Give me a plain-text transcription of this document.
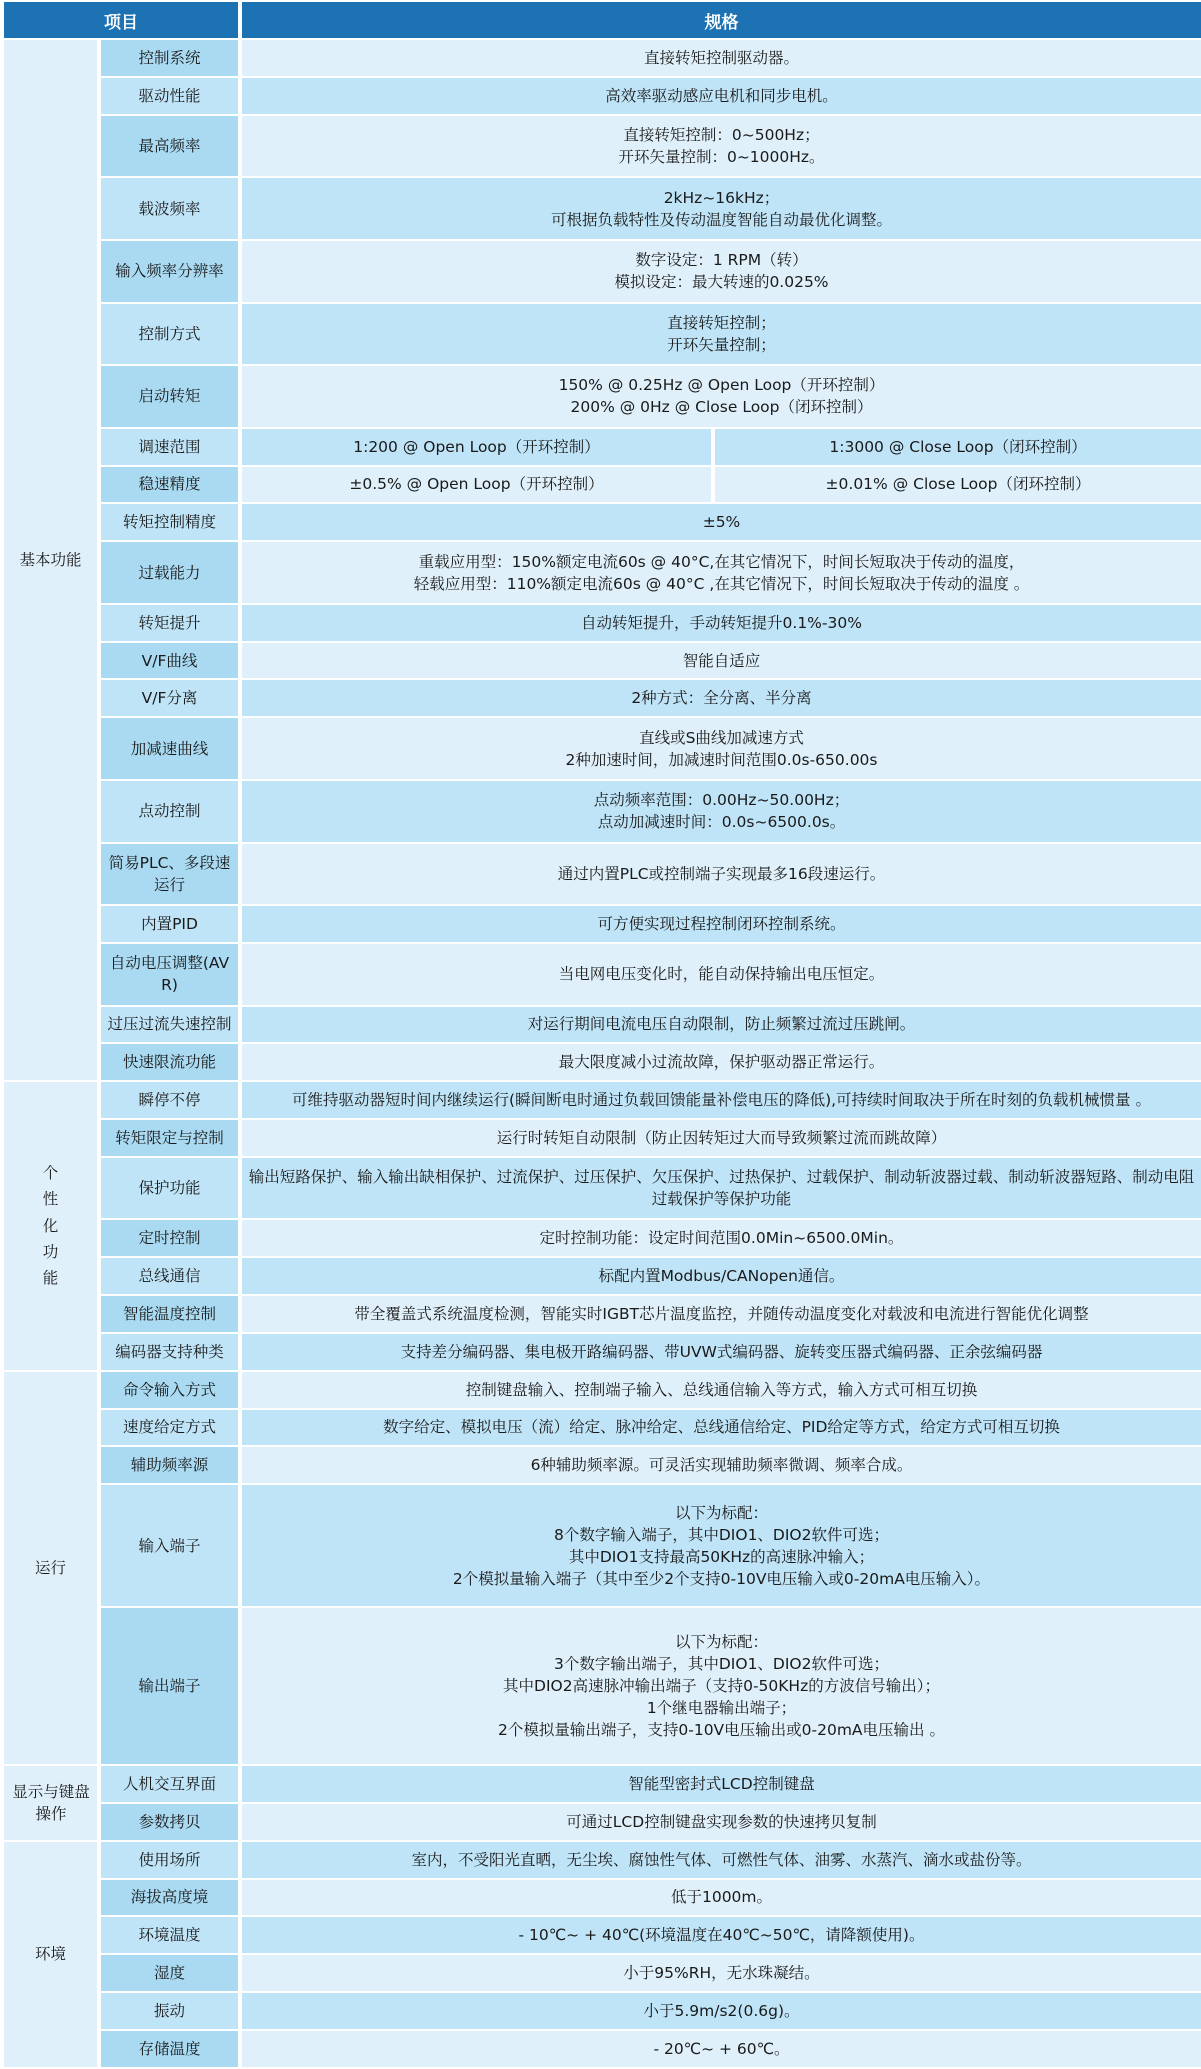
项目		规格	
基本功能	控制系统	直接转矩控制驱动器。	

	驱动性能	高效率驱动感应电机和同步电机。	

	最高频率	直接转矩控制：0~500Hz；
开环矢量控制：0~1000Hz。	

	载波频率	2kHz~16kHz；
可根据负载特性及传动温度智能自动最优化调整。	

	输入频率分辨率	数字设定：1 RPM（转）
模拟设定：最大转速的0.025%	

	控制方式	直接转矩控制；
开环矢量控制；	

	启动转矩	150% @ 0.25Hz @ Open Loop（开环控制）
200% @ 0Hz @ Close Loop（闭环控制）	

	调速范围	1:200 @ Open Loop（开环控制）	1:3000 @ Close Loop（闭环控制）
	稳速精度	±0.5% @ Open Loop（开环控制）	±0.01% @ Close Loop（闭环控制）
	转矩控制精度	±5%	

	过载能力	重载应用型：150%额定电流60s @ 40°C,在其它情况下，时间长短取决于传动的温度，
轻载应用型：110%额定电流60s @ 40°C ,在其它情况下，时间长短取决于传动的温度 。	

	转矩提升	自动转矩提升，手动转矩提升0.1%-30%	

	V/F曲线	智能自适应	

	V/F分离	2种方式：全分离、半分离	

	加减速曲线	直线或S曲线加减速方式
2种加速时间，加减速时间范围0.0s-650.00s	

	点动控制	点动频率范围：0.00Hz~50.00Hz；
点动加减速时间：0.0s~6500.0s。	

	简易PLC、多段速运行	通过内置PLC或控制端子实现最多16段速运行。	

	内置PID	可方便实现过程控制闭环控制系统。	

	自动电压调整(AVR)	当电网电压变化时，能自动保持输出电压恒定。	

	过压过流失速控制	对运行期间电流电压自动限制，防止频繁过流过压跳闸。	

	快速限流功能	最大限度减小过流故障，保护驱动器正常运行。	

个
性
化
功
能	瞬停不停	可维持驱动器短时间内继续运行(瞬间断电时通过负载回馈能量补偿电压的降低),可持续时间取决于所在时刻的负载机械惯量 。	

	转矩限定与控制	运行时转矩自动限制（防止因转矩过大而导致频繁过流而跳故障）	

	保护功能	输出短路保护、输入输出缺相保护、过流保护、过压保护、欠压保护、过热保护、过载保护、制动斩波器过载、制动斩波器短路、制动电阻过载保护等保护功能	

	定时控制	定时控制功能：设定时间范围0.0Min~6500.0Min。	

	总线通信	标配内置Modbus/CANopen通信。	

	智能温度控制	带全覆盖式系统温度检测，智能实时IGBT芯片温度监控，并随传动温度变化对载波和电流进行智能优化调整	

	编码器支持种类	支持差分编码器、集电极开路编码器、带UVW式编码器、旋转变压器式编码器、正余弦编码器	

运行	命令输入方式	控制键盘输入、控制端子输入、总线通信输入等方式，输入方式可相互切换	

	速度给定方式	数字给定、模拟电压（流）给定、脉冲给定、总线通信给定、PID给定等方式，给定方式可相互切换	

	辅助频率源	6种辅助频率源。可灵活实现辅助频率微调、频率合成。	

	输入端子	以下为标配：
8个数字输入端子，其中DIO1、DIO2软件可选；
其中DIO1支持最高50KHz的高速脉冲输入；
2个模拟量输入端子（其中至少2个支持0-10V电压输入或0-20mA电压输入）。	

	输出端子	以下为标配：
3个数字输出端子，其中DIO1、DIO2软件可选；
其中DIO2高速脉冲输出端子（支持0-50KHz的方波信号输出）；
1个继电器输出端子；
2个模拟量输出端子，支持0-10V电压输出或0-20mA电压输出 。	

显示与键盘操作	人机交互界面	智能型密封式LCD控制键盘	

	参数拷贝	可通过LCD控制键盘实现参数的快速拷贝复制	

环境	使用场所	室内，不受阳光直晒，无尘埃、腐蚀性气体、可燃性气体、油雾、水蒸汽、滴水或盐份等。	

	海拔高度境	低于1000m。	

	环境温度	- 10℃~ + 40℃(环境温度在40℃~50℃，请降额使用)。	

	湿度	小于95%RH，无水珠凝结。	

	振动	小于5.9m/s2(0.6g)。	

	存储温度	- 20℃~ + 60℃。	
